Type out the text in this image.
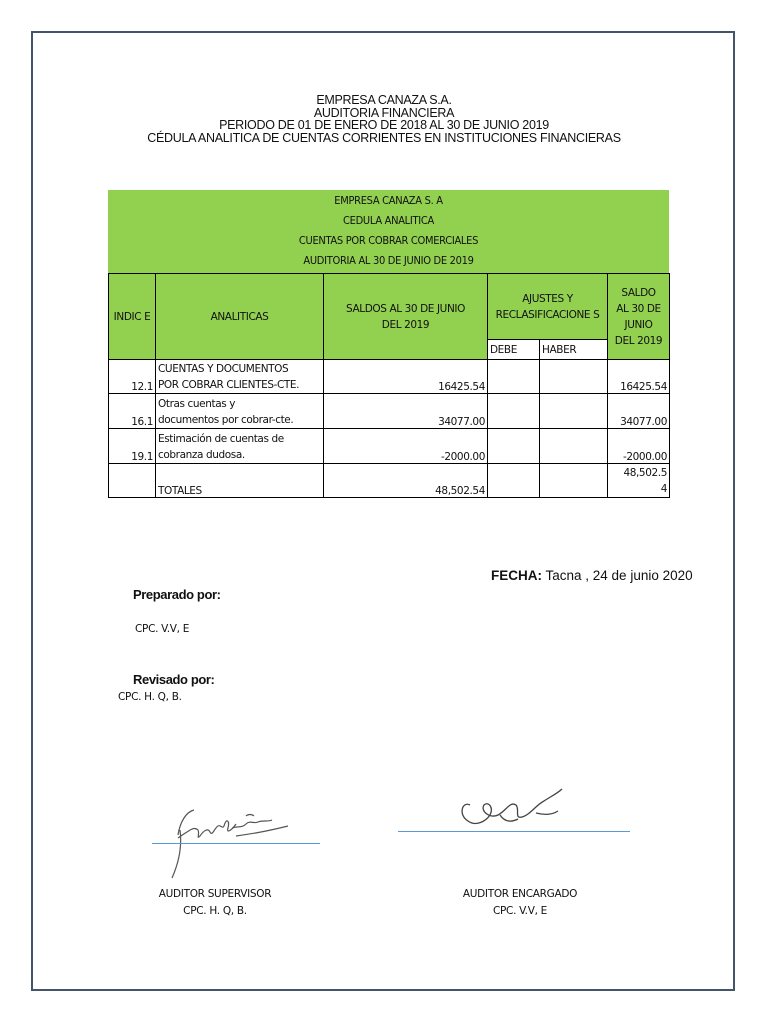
EMPRESA CANAZA S.A.
AUDITORIA FINANCIERA
PERIODO DE 01 DE ENERO DE 2018 AL 30 DE JUNIO 2019
CÉDULA ANALITICA DE CUENTAS CORRIENTES EN INSTITUCIONES FINANCIERAS
EMPRESA CANAZA S. A
CEDULA ANALITICA
CUENTAS POR COBRAR COMERCIALES
AUDITORIA AL 30 DE JUNIO DE 2019
INDIC E	ANALITICAS	SALDOS AL 30 DE JUNIO DEL 2019	AJUSTES Y RECLASIFICACIONE S		SALDO AL 30 DE JUNIO DEL 2019
			DEBE	HABER	
12.1	CUENTAS Y DOCUMENTOS
POR COBRAR CLIENTES-CTE.	16425.54			16425.54
16.1	Otras cuentas y
documentos por cobrar-cte.	34077.00			34077.00
19.1	Estimación de cuentas de
cobranza dudosa.	-2000.00			-2000.00
	TOTALES	48,502.54			48,502.5
4
FECHA: Tacna , 24 de junio 2020
Preparado por:
CPC. V.V, E
Revisado por:
CPC. H. Q, B.
AUDITOR SUPERVISOR
CPC. H. Q, B.
AUDITOR ENCARGADO
CPC. V.V, E
